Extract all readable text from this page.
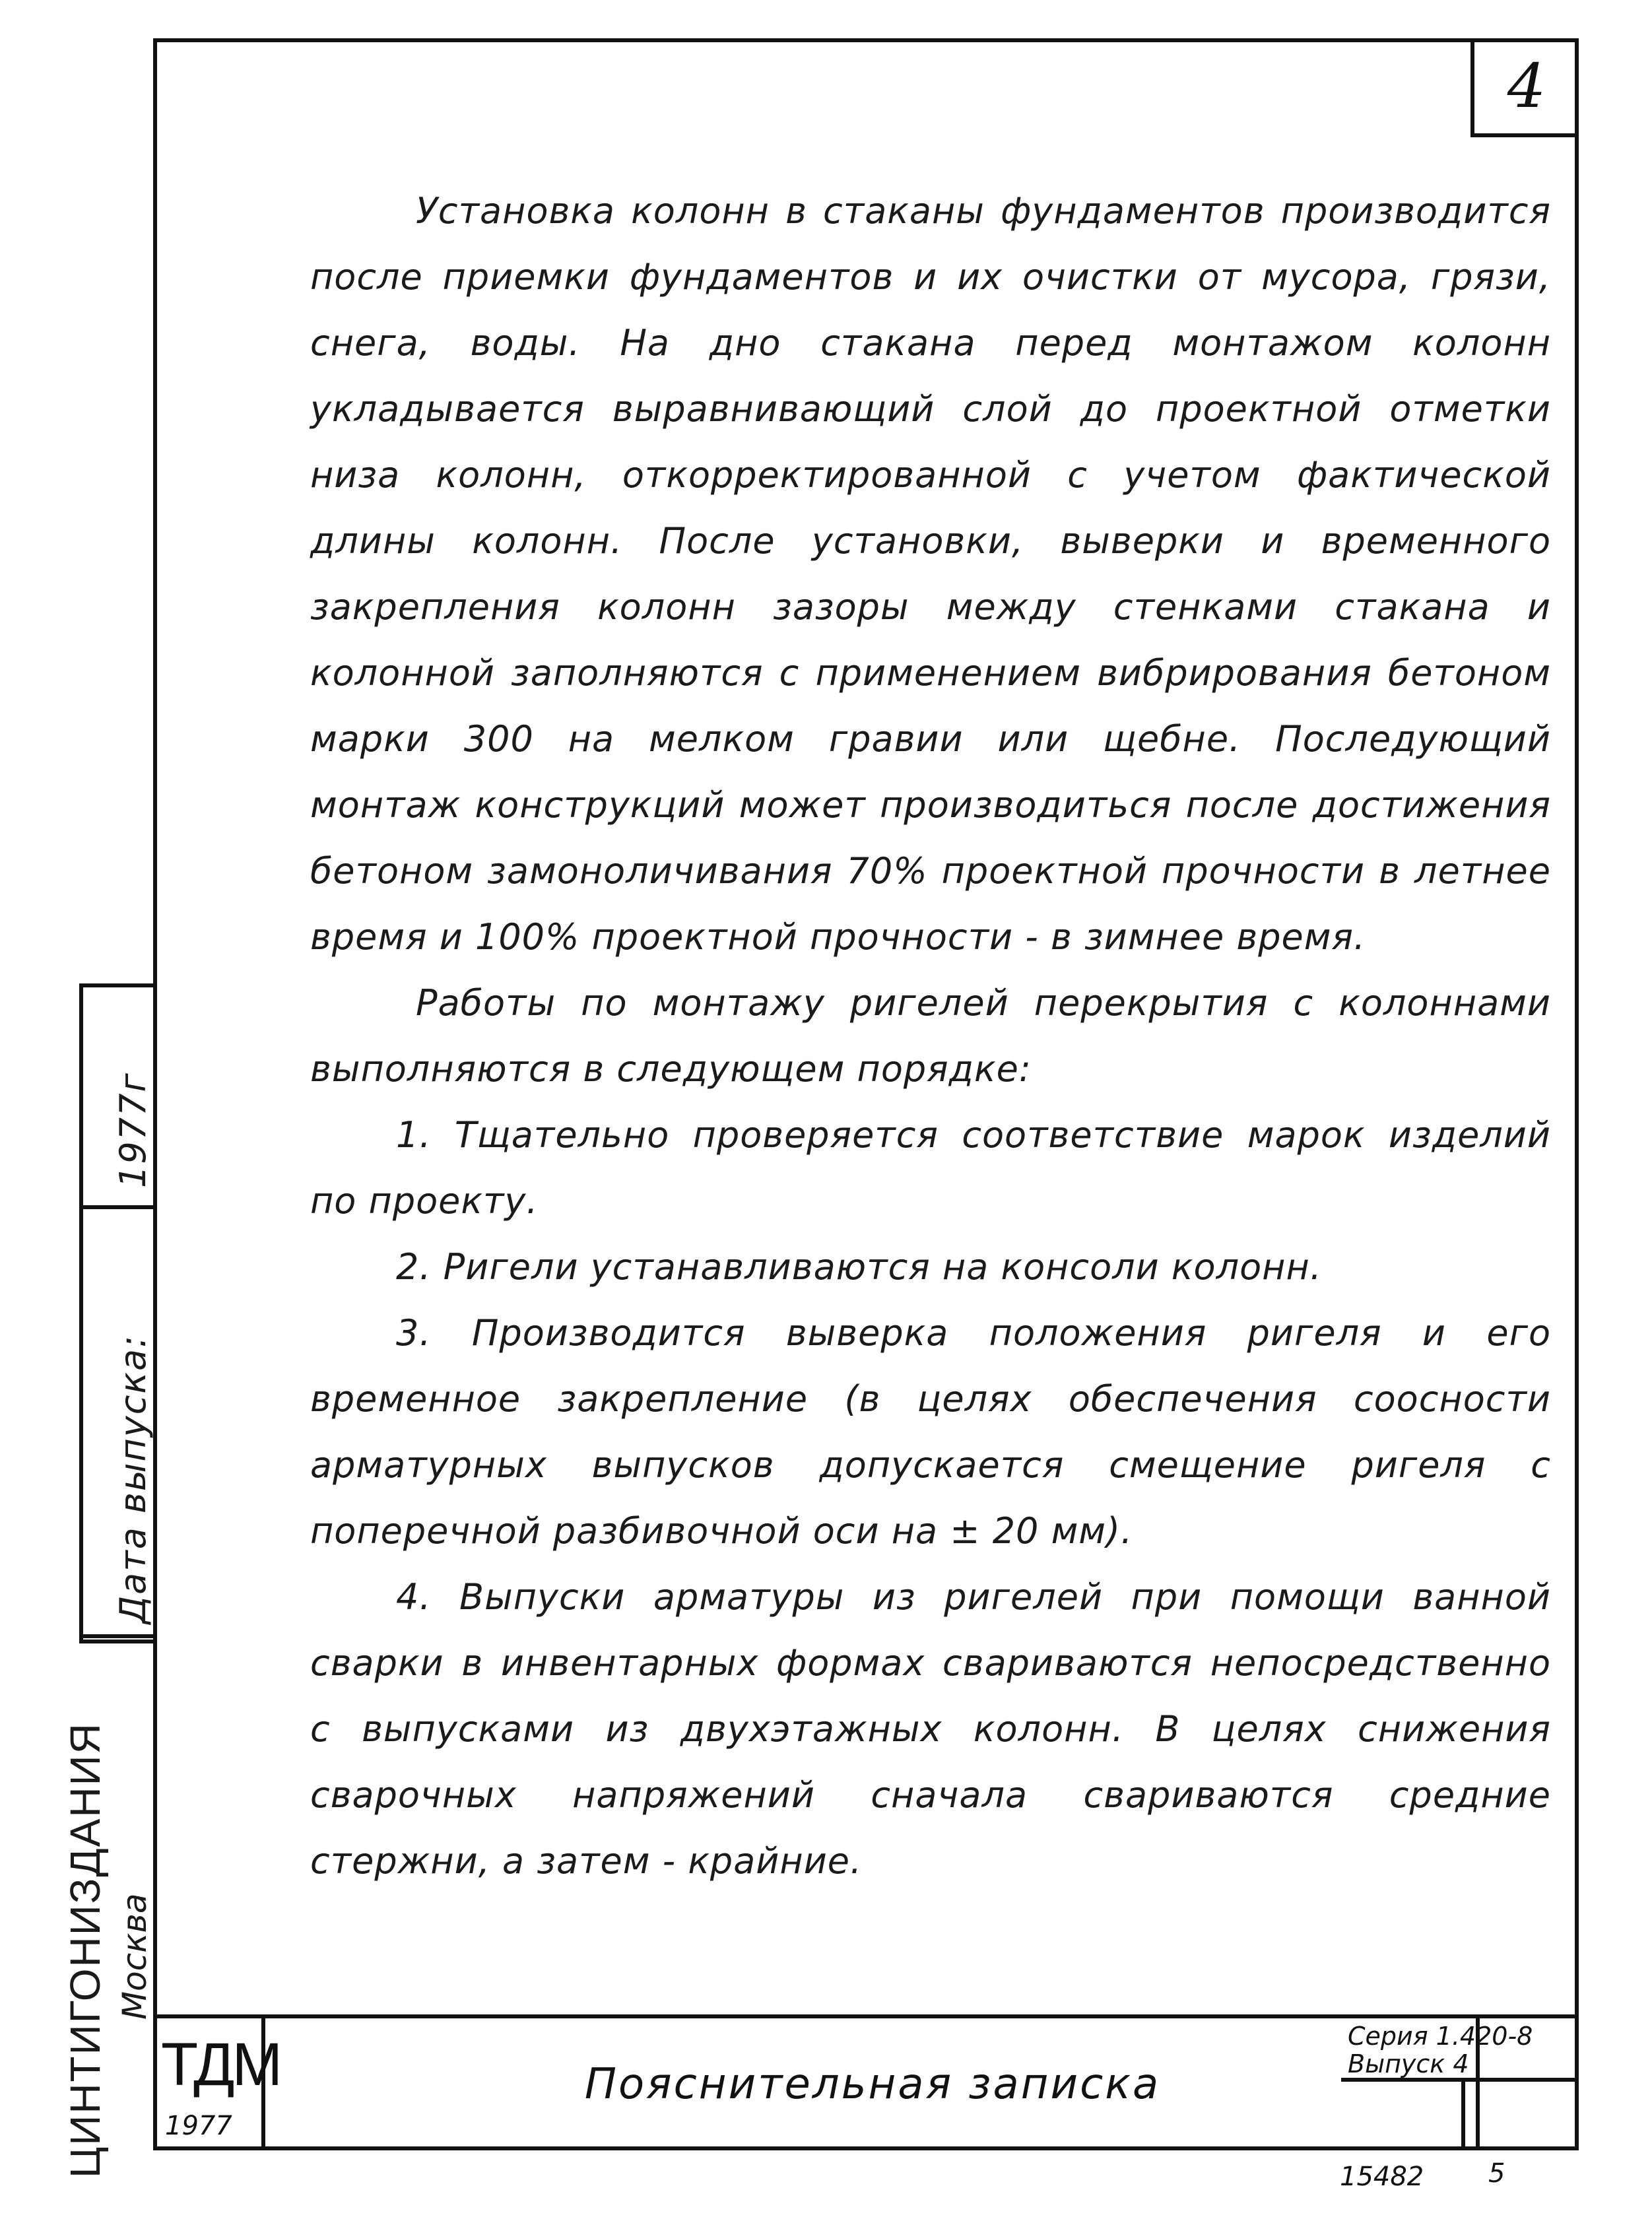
4

Установка колонн в стаканы фундаментов производится после приемки фундаментов и их очистки от мусора, грязи, снега, воды. На дно стакана перед монтажом колонн укладывается выравнивающий слой до проектной отметки низа колонн, откорректированной с учетом фактической длины колонн. После установки, выверки и временного закрепления колонн зазоры между стенками стакана и колонной заполняются с применением вибрирования бетоном марки 300 на мелком гравии или щебне. Последующий монтаж конструкций может производиться после достижения бетоном замоноличивания 70% проектной прочности в летнее время и 100% проектной прочности - в зимнее время.

Работы по монтажу ригелей перекрытия с колоннами выполняются в следующем порядке:

1. Тщательно проверяется соответствие марок изделий по проекту.

2. Ригели устанавливаются на консоли колонн.

3. Производится выверка положения ригеля и его временное закрепление (в целях обеспечения соосности арматурных выпусков допускается смещение ригеля с поперечной разбивочной оси на ± 20 мм).

4. Выпуски арматуры из ригелей при помощи ванной сварки в инвентарных формах свариваются непосредственно с выпусками из двухэтажных колонн. В целях снижения сварочных напряжений сначала свариваются средние стержни, а затем - крайние.

1977г
Дата выпуска:
ЦИНТИГОНИЗДАНИЯ Москва
ТДМ
1977
Пояснительная записка
Серия 1.420-8
Выпуск 4
15482 5
